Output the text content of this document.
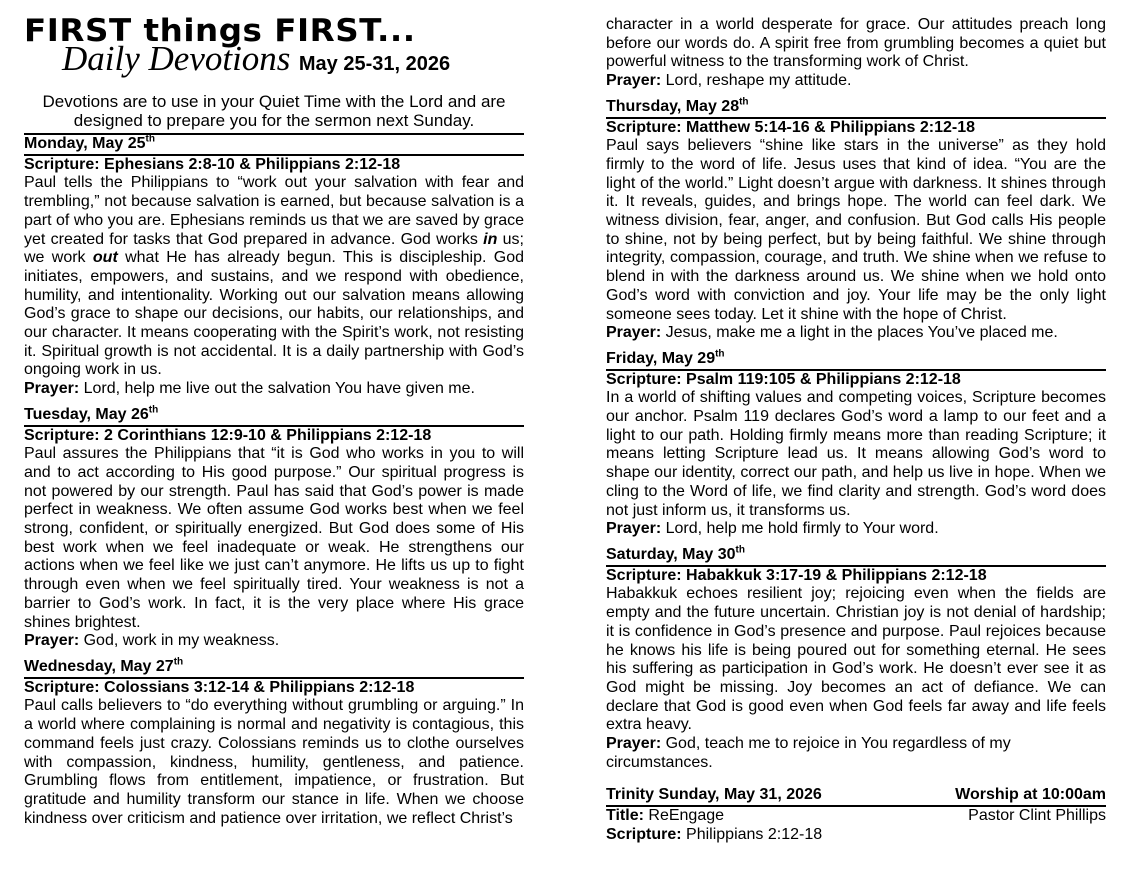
FIRST things FIRST...
Daily Devotions May 25-31, 2026
Devotions are to use in your Quiet Time with the Lord and are designed to prepare you for the sermon next Sunday.
Monday, May 25th
Scripture: Ephesians 2:8-10 & Philippians 2:12-18
Paul tells the Philippians to “work out your salvation with fear and trembling,” not because salvation is earned, but because salvation is a part of who you are. Ephesians reminds us that we are saved by grace yet created for tasks that God prepared in advance. God works in us; we work out what He has already begun. This is discipleship. God initiates, empowers, and sustains, and we respond with obedience, humility, and intentionality. Working out our salvation means allowing God’s grace to shape our decisions, our habits, our relationships, and our character. It means cooperating with the Spirit’s work, not resisting it. Spiritual growth is not accidental. It is a daily partnership with God’s ongoing work in us.
Prayer: Lord, help me live out the salvation You have given me.
Tuesday, May 26th
Scripture: 2 Corinthians 12:9-10 & Philippians 2:12-18
Paul assures the Philippians that “it is God who works in you to will and to act according to His good purpose.” Our spiritual progress is not powered by our strength. Paul has said that God’s power is made perfect in weakness. We often assume God works best when we feel strong, confident, or spiritually energized. But God does some of His best work when we feel inadequate or weak. He strengthens our actions when we feel like we just can’t anymore. He lifts us up to fight through even when we feel spiritually tired. Your weakness is not a barrier to God’s work. In fact, it is the very place where His grace shines brightest.
Prayer: God, work in my weakness.
Wednesday, May 27th
Scripture: Colossians 3:12-14 & Philippians 2:12-18
Paul calls believers to “do everything without grumbling or arguing.” In a world where complaining is normal and negativity is contagious, this command feels just crazy. Colossians reminds us to clothe ourselves with compassion, kindness, humility, gentleness, and patience. Grumbling flows from entitlement, impatience, or frustration. But gratitude and humility transform our stance in life. When we choose kindness over criticism and patience over irritation, we reflect Christ’s
character in a world desperate for grace. Our attitudes preach long before our words do. A spirit free from grumbling becomes a quiet but powerful witness to the transforming work of Christ.
Prayer: Lord, reshape my attitude.
Thursday, May 28th
Scripture: Matthew 5:14-16 & Philippians 2:12-18
Paul says believers “shine like stars in the universe” as they hold firmly to the word of life. Jesus uses that kind of idea. “You are the light of the world.” Light doesn’t argue with darkness. It shines through it. It reveals, guides, and brings hope. The world can feel dark. We witness division, fear, anger, and confusion. But God calls His people to shine, not by being perfect, but by being faithful. We shine through integrity, compassion, courage, and truth. We shine when we refuse to blend in with the darkness around us. We shine when we hold onto God’s word with conviction and joy. Your life may be the only light someone sees today. Let it shine with the hope of Christ.
Prayer: Jesus, make me a light in the places You’ve placed me.
Friday, May 29th
Scripture: Psalm 119:105 & Philippians 2:12-18
In a world of shifting values and competing voices, Scripture becomes our anchor. Psalm 119 declares God’s word a lamp to our feet and a light to our path. Holding firmly means more than reading Scripture; it means letting Scripture lead us. It means allowing God’s word to shape our identity, correct our path, and help us live in hope. When we cling to the Word of life, we find clarity and strength. God’s word does not just inform us, it transforms us.
Prayer: Lord, help me hold firmly to Your word.
Saturday, May 30th
Scripture: Habakkuk 3:17-19 & Philippians 2:12-18
Habakkuk echoes resilient joy; rejoicing even when the fields are empty and the future uncertain. Christian joy is not denial of hardship; it is confidence in God’s presence and purpose. Paul rejoices because he knows his life is being poured out for something eternal. He sees his suffering as participation in God’s work. He doesn’t ever see it as God might be missing. Joy becomes an act of defiance. We can declare that God is good even when God feels far away and life feels extra heavy.
Prayer: God, teach me to rejoice in You regardless of my circumstances.
Trinity Sunday, May 31, 2026	Worship at 10:00am
Title: ReEngage	Pastor Clint Phillips
Scripture: Philippians 2:12-18
